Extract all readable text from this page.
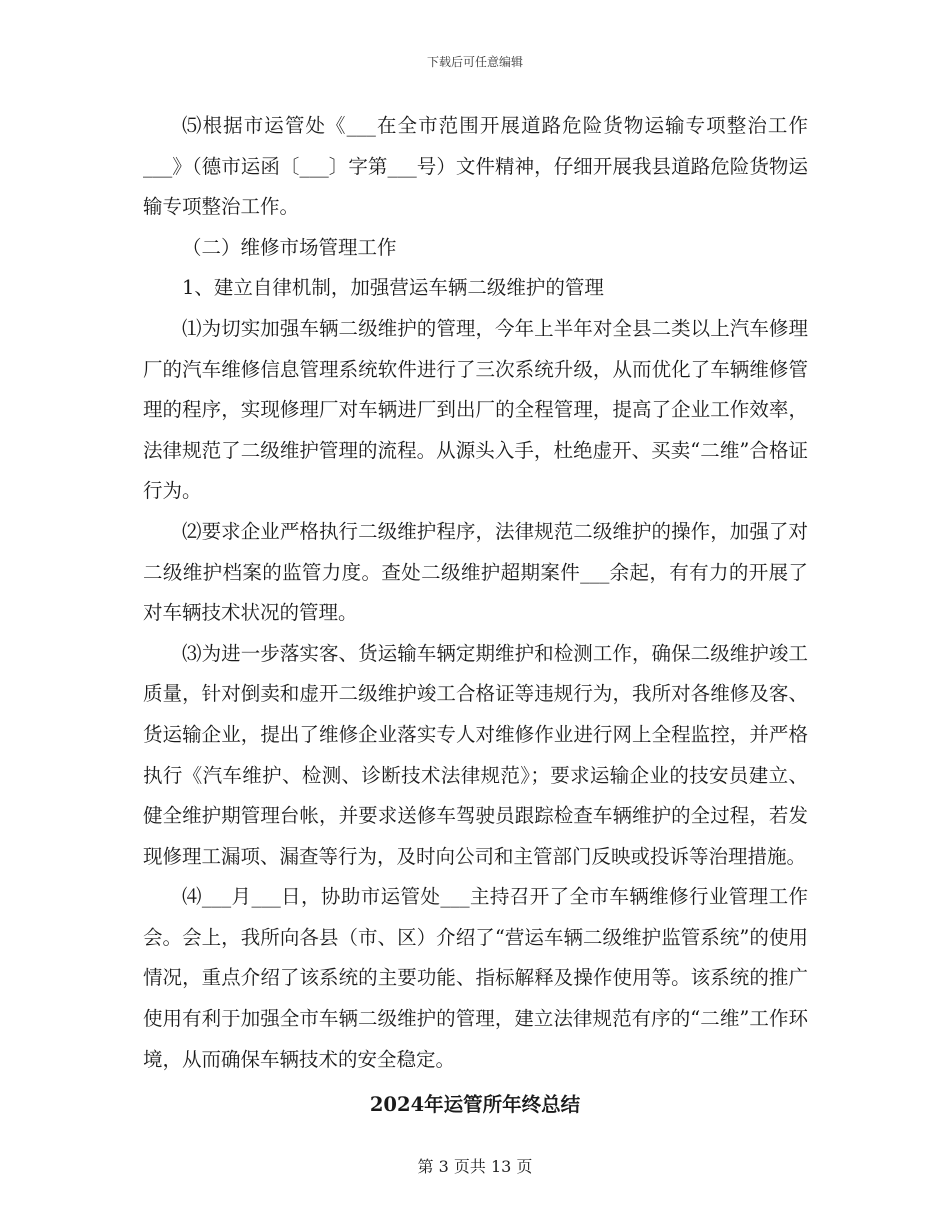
下载后可任意编辑

⑸根据市运管处《___在全市范围开展道路危险货物运输专项整治工作___》（德市运函〔___〕字第___号）文件精神，仔细开展我县道路危险货物运输专项整治工作。

（二）维修市场管理工作

1、建立自律机制，加强营运车辆二级维护的管理

⑴为切实加强车辆二级维护的管理，今年上半年对全县二类以上汽车修理厂的汽车维修信息管理系统软件进行了三次系统升级，从而优化了车辆维修管理的程序，实现修理厂对车辆进厂到出厂的全程管理，提高了企业工作效率，法律规范了二级维护管理的流程。从源头入手，杜绝虚开、买卖“二维”合格证行为。

⑵要求企业严格执行二级维护程序，法律规范二级维护的操作，加强了对二级维护档案的监管力度。查处二级维护超期案件___余起，有有力的开展了对车辆技术状况的管理。

⑶为进一步落实客、货运输车辆定期维护和检测工作，确保二级维护竣工质量，针对倒卖和虚开二级维护竣工合格证等违规行为，我所对各维修及客、货运输企业，提出了维修企业落实专人对维修作业进行网上全程监控，并严格执行《汽车维护、检测、诊断技术法律规范》；要求运输企业的技安员建立、健全维护期管理台帐，并要求送修车驾驶员跟踪检查车辆维护的全过程，若发现修理工漏项、漏查等行为，及时向公司和主管部门反映或投诉等治理措施。

⑷___月___日，协助市运管处___主持召开了全市车辆维修行业管理工作会。会上，我所向各县（市、区）介绍了“营运车辆二级维护监管系统”的使用情况，重点介绍了该系统的主要功能、指标解释及操作使用等。该系统的推广使用有利于加强全市车辆二级维护的管理，建立法律规范有序的“二维”工作环境，从而确保车辆技术的安全稳定。

2024年运管所年终总结
第 3 页共 13 页
